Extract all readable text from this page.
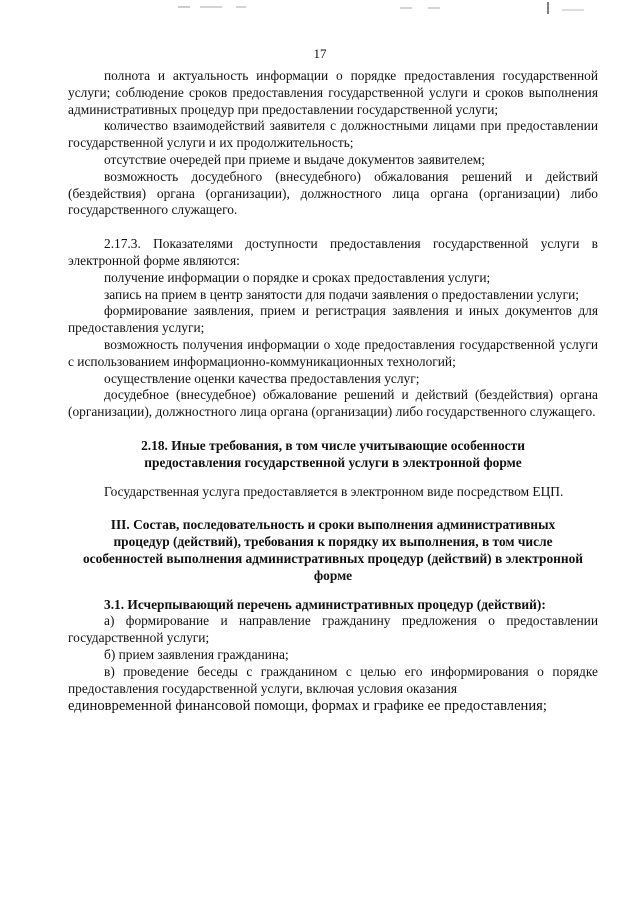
17

полнота и актуальность информации о порядке предоставления государственной услуги; соблюдение сроков предоставления государственной услуги и сроков выполнения административных процедур при предоставлении государственной услуги;

количество взаимодействий заявителя с должностными лицами при предоставлении государственной услуги и их продолжительность;

отсутствие очередей при приеме и выдаче документов заявителем;

возможность досудебного (внесудебного) обжалования решений и действий (бездействия) органа (организации), должностного лица органа (организации) либо государственного служащего.

2.17.3. Показателями доступности предоставления государственной услуги в электронной форме являются:

получение информации о порядке и сроках предоставления услуги;

запись на прием в центр занятости для подачи заявления о предоставлении услуги;

формирование заявления, прием и регистрация заявления и иных документов для предоставления услуги;

возможность получения информации о ходе предоставления государственной услуги с использованием информационно-коммуникационных технологий;

осуществление оценки качества предоставления услуг;

досудебное (внесудебное) обжалование решений и действий (бездействия) органа (организации), должностного лица органа (организации) либо государственного служащего.

2.18. Иные требования, в том числе учитывающие особенности предоставления государственной услуги в электронной форме

Государственная услуга предоставляется в электронном виде посредством ЕЦП.

III. Состав, последовательность и сроки выполнения административных процедур (действий), требования к порядку их выполнения, в том числе особенностей выполнения административных процедур (действий) в электронной форме

3.1. Исчерпывающий перечень административных процедур (действий):

а) формирование и направление гражданину предложения о предоставлении государственной услуги;

б) прием заявления гражданина;

в) проведение беседы с гражданином с целью его информирования о порядке предоставления государственной услуги, включая условия оказания

единовременной финансовой помощи, формах и графике ее предоставления;
